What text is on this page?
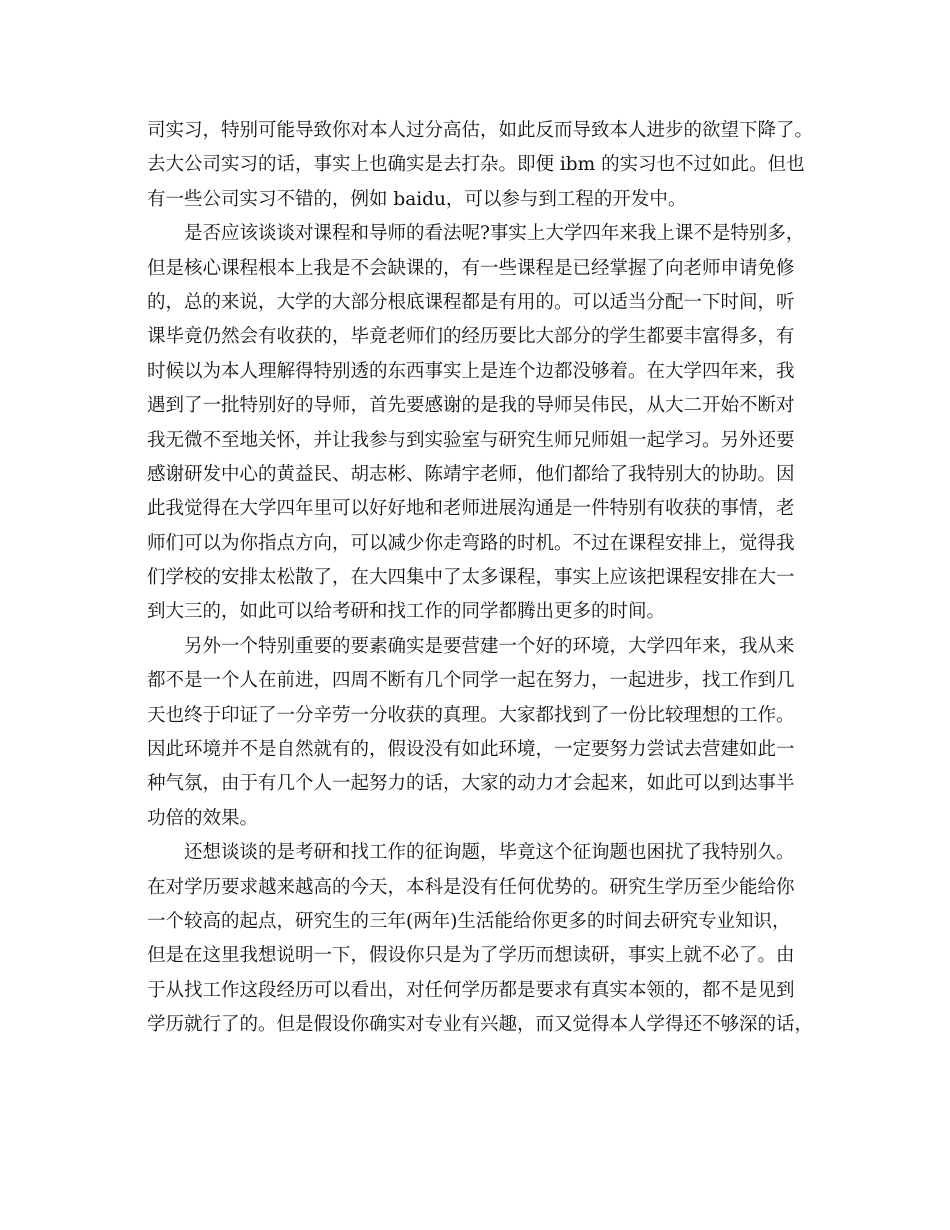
司实习，特别可能导致你对本人过分高估，如此反而导致本人进步的欲望下降了。
去大公司实习的话，事实上也确实是去打杂。即便 ibm 的实习也不过如此。但也
有一些公司实习不错的，例如 baidu，可以参与到工程的开发中。
是否应该谈谈对课程和导师的看法呢?事实上大学四年来我上课不是特别多，
但是核心课程根本上我是不会缺课的，有一些课程是已经掌握了向老师申请免修
的，总的来说，大学的大部分根底课程都是有用的。可以适当分配一下时间，听
课毕竟仍然会有收获的，毕竟老师们的经历要比大部分的学生都要丰富得多，有
时候以为本人理解得特别透的东西事实上是连个边都没够着。在大学四年来，我
遇到了一批特别好的导师，首先要感谢的是我的导师吴伟民，从大二开始不断对
我无微不至地关怀，并让我参与到实验室与研究生师兄师姐一起学习。另外还要
感谢研发中心的黄益民、胡志彬、陈靖宇老师，他们都给了我特别大的协助。因
此我觉得在大学四年里可以好好地和老师进展沟通是一件特别有收获的事情，老
师们可以为你指点方向，可以减少你走弯路的时机。不过在课程安排上，觉得我
们学校的安排太松散了，在大四集中了太多课程，事实上应该把课程安排在大一
到大三的，如此可以给考研和找工作的同学都腾出更多的时间。
另外一个特别重要的要素确实是要营建一个好的环境，大学四年来，我从来
都不是一个人在前进，四周不断有几个同学一起在努力，一起进步，找工作到几
天也终于印证了一分辛劳一分收获的真理。大家都找到了一份比较理想的工作。
因此环境并不是自然就有的，假设没有如此环境，一定要努力尝试去营建如此一
种气氛，由于有几个人一起努力的话，大家的动力才会起来，如此可以到达事半
功倍的效果。
还想谈谈的是考研和找工作的征询题，毕竟这个征询题也困扰了我特别久。
在对学历要求越来越高的今天，本科是没有任何优势的。研究生学历至少能给你
一个较高的起点，研究生的三年(两年)生活能给你更多的时间去研究专业知识，
但是在这里我想说明一下，假设你只是为了学历而想读研，事实上就不必了。由
于从找工作这段经历可以看出，对任何学历都是要求有真实本领的，都不是见到
学历就行了的。但是假设你确实对专业有兴趣，而又觉得本人学得还不够深的话，
